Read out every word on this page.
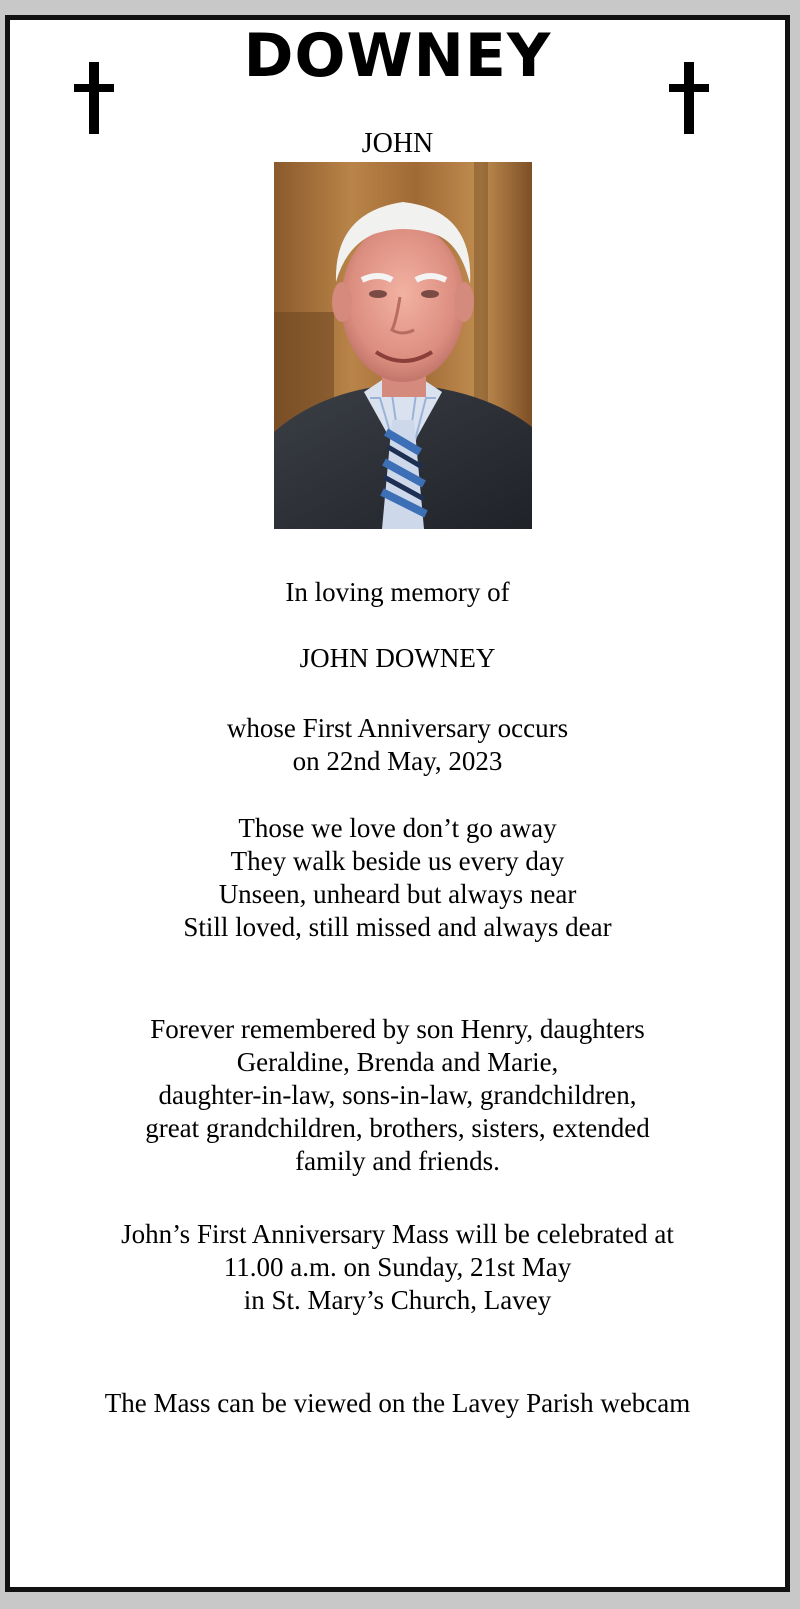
DOWNEY
JOHN
In loving memory of
JOHN DOWNEY
whose First Anniversary occurs
on 22nd May, 2023
Those we love don’t go away
They walk beside us every day
Unseen, unheard but always near
Still loved, still missed and always dear
Forever remembered by son Henry, daughters
Geraldine, Brenda and Marie,
daughter-in-law, sons-in-law, grandchildren,
great grandchildren, brothers, sisters, extended
family and friends.
John’s First Anniversary Mass will be celebrated at
11.00 a.m. on Sunday, 21st May
in St. Mary’s Church, Lavey
The Mass can be viewed on the Lavey Parish webcam
